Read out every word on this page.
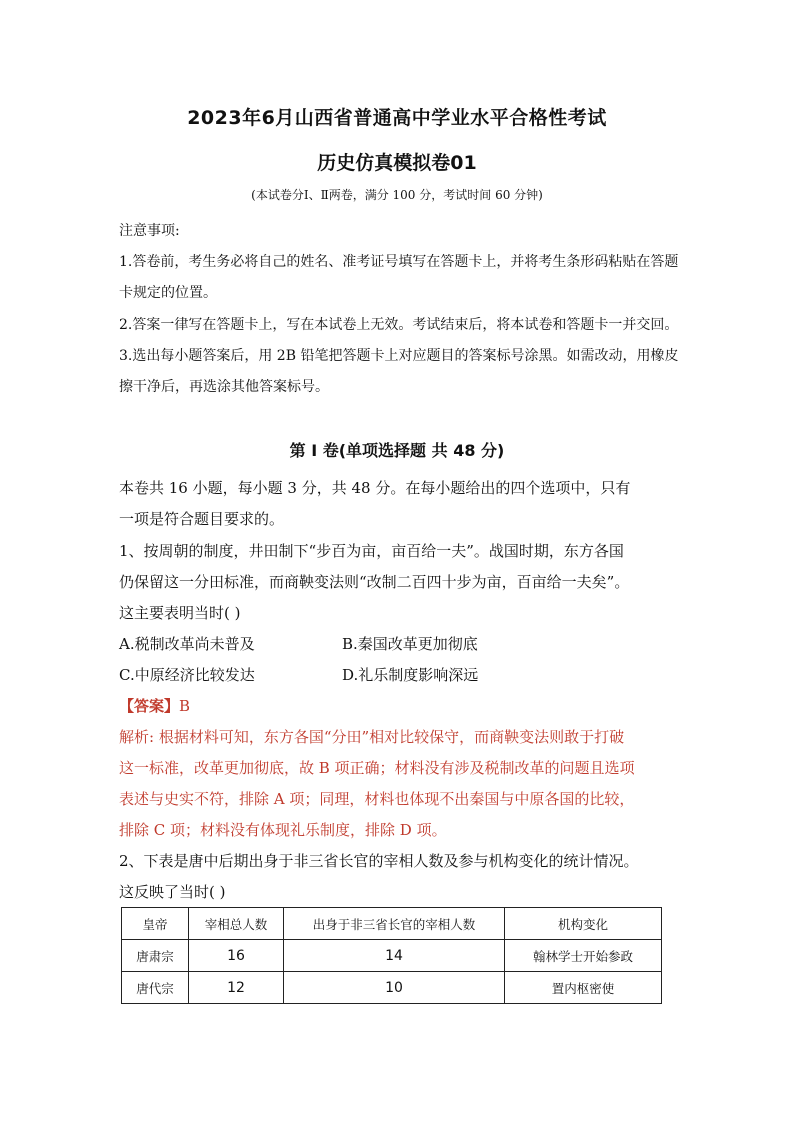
2023年6月山西省普通高中学业水平合格性考试
历史仿真模拟卷01
(本试卷分Ⅰ、Ⅱ两卷，满分 100 分，考试时间 60 分钟)
注意事项:
1.答卷前，考生务必将自己的姓名、准考证号填写在答题卡上，并将考生条形码粘贴在答题
卡规定的位置。
2.答案一律写在答题卡上，写在本试卷上无效。考试结束后，将本试卷和答题卡一并交回。
3.选出每小题答案后，用 2B 铅笔把答题卡上对应题目的答案标号涂黑。如需改动，用橡皮
擦干净后，再选涂其他答案标号。
第 Ⅰ 卷(单项选择题 共 48 分)
本卷共 16 小题，每小题 3 分，共 48 分。在每小题给出的四个选项中，只有
一项是符合题目要求的。
1、按周朝的制度，井田制下“步百为亩，亩百给一夫”。战国时期，东方各国
仍保留这一分田标准，而商鞅变法则“改制二百四十步为亩，百亩给一夫矣”。
这主要表明当时( )
A.税制改革尚未普及	B.秦国改革更加彻底
C.中原经济比较发达	D.礼乐制度影响深远
【答案】B
解析: 根据材料可知，东方各国“分田”相对比较保守，而商鞅变法则敢于打破
这一标准，改革更加彻底，故 B 项正确；材料没有涉及税制改革的问题且选项
表述与史实不符，排除 A 项；同理，材料也体现不出秦国与中原各国的比较，
排除 C 项；材料没有体现礼乐制度，排除 D 项。
2、下表是唐中后期出身于非三省长官的宰相人数及参与机构变化的统计情况。
这反映了当时( )
皇帝	宰相总人数	出身于非三省长官的宰相人数	机构变化
唐肃宗	16	14	翰林学士开始参政
唐代宗	12	10	置内枢密使
